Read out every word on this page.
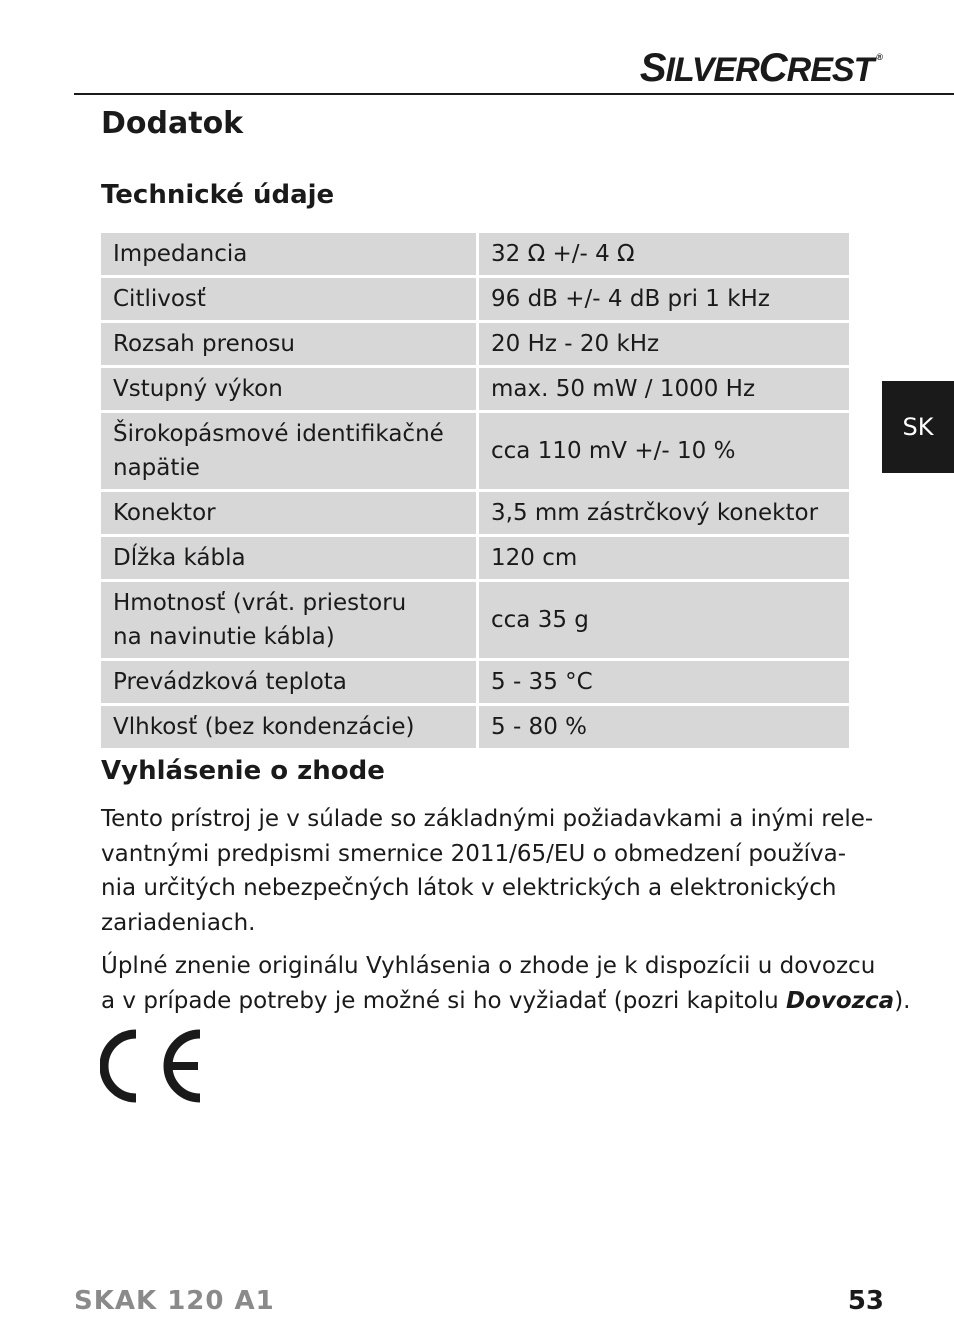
SILVERCREST ®
Dodatok
Technické údaje
Impedancia	32 Ω +/- 4 Ω

Citlivosť	96 dB +/- 4 dB pri 1 kHz

Rozsah prenosu	20 Hz - 20 kHz

Vstupný výkon	max. 50 mW / 1000 Hz

Širokopásmové identifikačné
napätie	cca 110 mV +/- 10 %

Konektor	3,5 mm zástrčkový konektor

Dĺžka kábla	120 cm

Hmotnosť (vrát. priestoru
na navinutie kábla)	cca 35 g

Prevádzková teplota	5 - 35 °C

Vlhkosť (bez kondenzácie)	5 - 80 %
Vyhlásenie o zhode

Tento prístroj je v súlade so základnými požiadavkami a inými rele-
vantnými predpismi smernice 2011/65/EU o obmedzení používa-
nia určitých nebezpečných látok v elektrických a elektronických
zariadeniach.

Úplné znenie originálu Vyhlásenia o zhode je k dispozícii u dovozcu
a v prípade potreby je možné si ho vyžiadať (pozri kapitolu Dovozca).

SK
SKAK 120 A1	53
